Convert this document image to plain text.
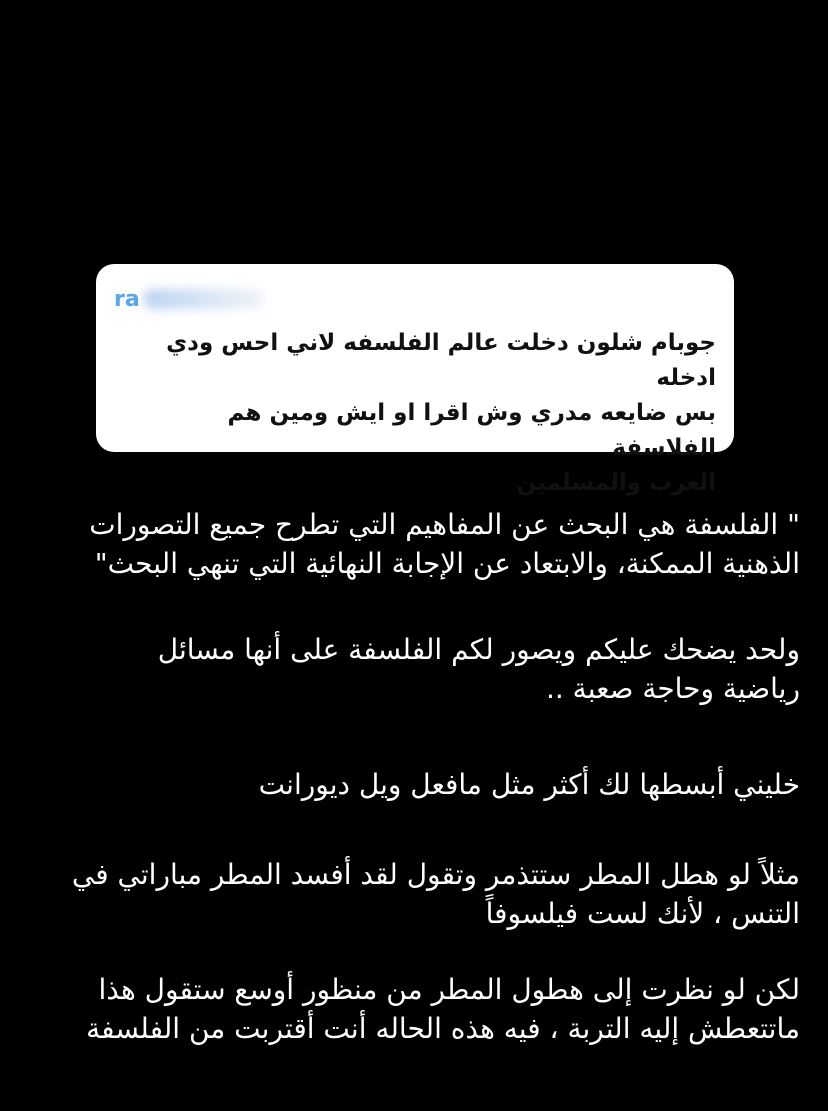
ra
جوبام شلون دخلت عالم الفلسفه لاني احس ودي ادخله
بس ضايعه مدري وش اقرا او ايش ومين هم الفلاسفة
العرب والمسلمين
" الفلسفة هي البحث عن المفاهيم التي تطرح جميع التصورات
الذهنية الممكنة، والابتعاد عن الإجابة النهائية التي تنهي البحث"
ولحد يضحك عليكم ويصور لكم الفلسفة على أنها مسائل
رياضية وحاجة صعبة ..
خليني أبسطها لك أكثر مثل مافعل ويل ديورانت
مثلاً لو هطل المطر ستتذمر وتقول لقد أفسد المطر مباراتي في
التنس ، لأنك لست فيلسوفاً
لكن لو نظرت إلى هطول المطر من منظور أوسع ستقول هذا
ماتتعطش إليه التربة ، فيه هذه الحاله أنت أقتربت من الفلسفة
